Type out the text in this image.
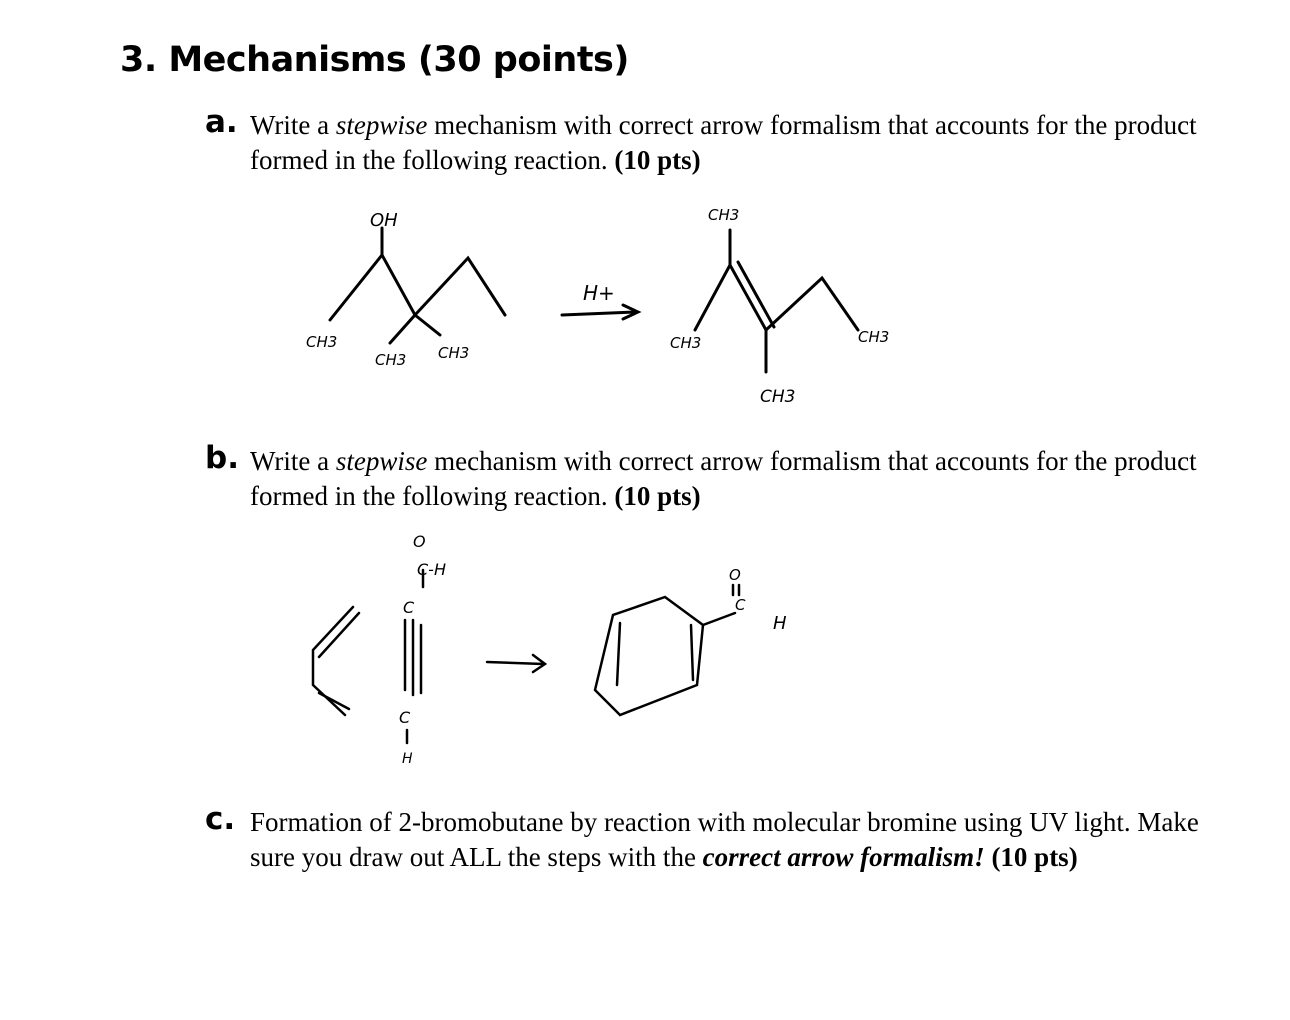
3. Mechanisms (30 points)
a. Write a stepwise mechanism with correct arrow formalism that accounts for the product formed in the following reaction. (10 pts)
OH
CH3
CH3 CH3
H+
CH3
CH3	CH3
CH3
b. Write a stepwise mechanism with correct arrow formalism that accounts for the product formed in the following reaction. (10 pts)
O
C-H
C
C
H
O
C
H
c. Formation of 2-bromobutane by reaction with molecular bromine using UV light. Make sure you draw out ALL the steps with the correct arrow formalism! (10 pts)
